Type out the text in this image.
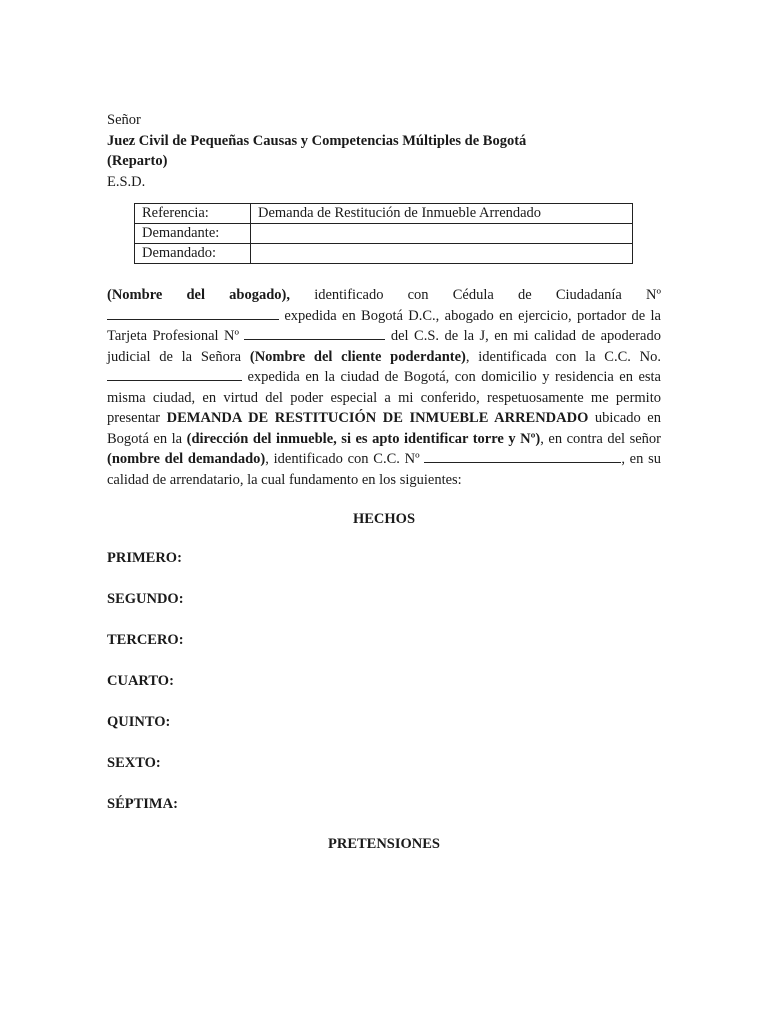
Señor
Juez Civil de Pequeñas Causas y Competencias Múltiples de Bogotá
(Reparto)
E.S.D.
Referencia:	Demanda de Restitución de Inmueble Arrendado
Demandante:	
Demandado:	

(Nombre del abogado), identificado con Cédula de Ciudadanía Nº  expedida en Bogotá D.C., abogado en ejercicio, portador de la Tarjeta Profesional Nº	del C.S. de la J, en mi calidad de apoderado judicial de la Señora (Nombre del cliente poderdante), identificada con la C.C. No.  expedida en la ciudad de Bogotá, con domicilio y residencia en esta misma ciudad, en virtud del poder especial a mi conferido, respetuosamente me permito presentar DEMANDA DE RESTITUCIÓN DE INMUEBLE ARRENDADO ubicado en Bogotá en la (dirección del inmueble, si es apto identificar torre y Nº), en contra del señor (nombre del demandado), identificado con C.C. Nº	, en su calidad de arrendatario, la cual fundamento en los siguientes:

HECHOS
PRIMERO:
SEGUNDO:
TERCERO:
CUARTO:
QUINTO:
SEXTO:
SÉPTIMA:
PRETENSIONES
